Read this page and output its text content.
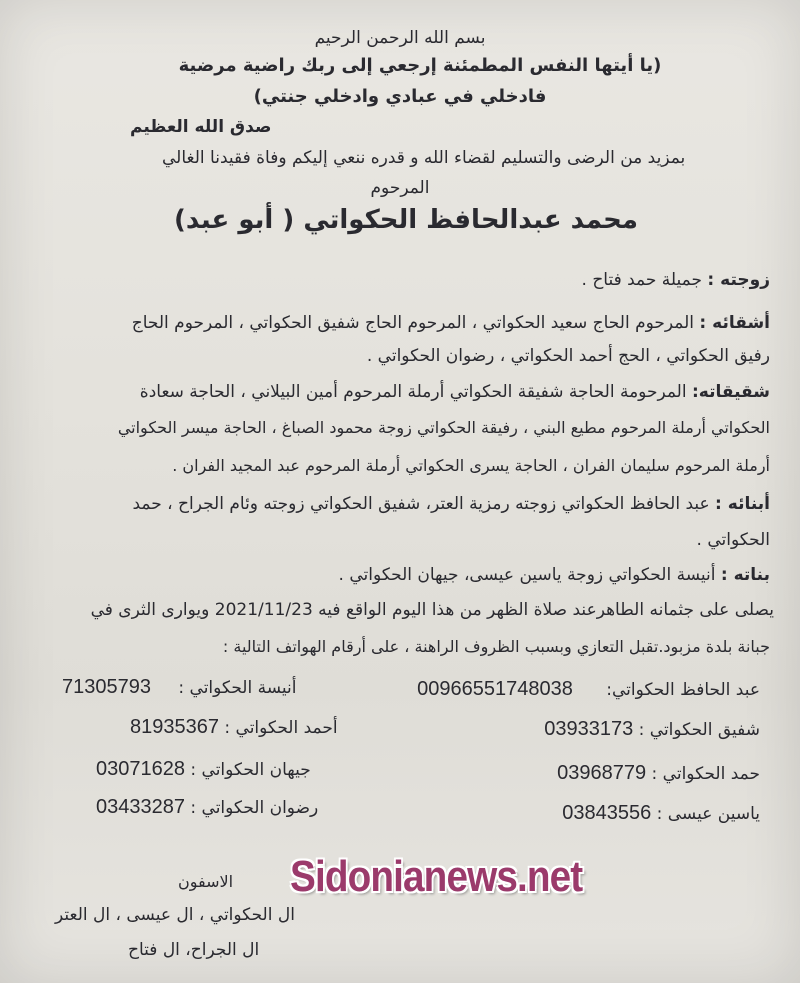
بسم الله الرحمن الرحيم
(يا أيتها النفس المطمئنة إرجعي إلى ربك راضية مرضية
فادخلي في عبادي وادخلي جنتي)
صدق الله العظيم
بمزيد من الرضى والتسليم لقضاء الله و قدره ننعي إليكم وفاة فقيدنا الغالي
المرحوم
محمد عبدالحافظ الحكواتي ( أبو عبد)
زوجته : جميلة حمد فتاح .
أشقائه : المرحوم الحاج سعيد الحكواتي ، المرحوم الحاج شفيق الحكواتي ، المرحوم الحاج
رفيق الحكواتي ، الحج أحمد الحكواتي ، رضوان الحكواتي .
شقيقاته: المرحومة الحاجة شفيقة الحكواتي أرملة المرحوم أمين البيلاني ، الحاجة سعادة
الحكواتي أرملة المرحوم مطيع البني ، رفيقة الحكواتي زوجة محمود الصباغ ، الحاجة ميسر الحكواتي
أرملة المرحوم سليمان الفران ، الحاجة يسرى الحكواتي أرملة المرحوم عبد المجيد الفران .
أبنائه : عبد الحافظ الحكواتي زوجته رمزية العتر، شفيق الحكواتي زوجته وئام الجراح ، حمد
الحكواتي .
بناته : أنيسة الحكواتي زوجة ياسين عيسى، جيهان الحكواتي .
يصلى على جثمانه الطاهرعند صلاة الظهر من هذا اليوم الواقع فيه 2021/11/23 ويوارى الثرى في
جبانة بلدة مزبود.تقبل التعازي وبسبب الظروف الراهنة ، على أرقام الهواتف التالية :
عبد الحافظ الحكواتي: 00966551748038
شفيق الحكواتي : 03933173
حمد الحكواتي : 03968779
ياسين عيسى : 03843556
أنيسة الحكواتي : 71305793
أحمد الحكواتي : 81935367
جيهان الحكواتي : 03071628
رضوان الحكواتي : 03433287
الاسفون
ال الحكواتي ، ال عيسى ، ال العتر
ال الجراح، ال فتاح
Sidonianews.net
